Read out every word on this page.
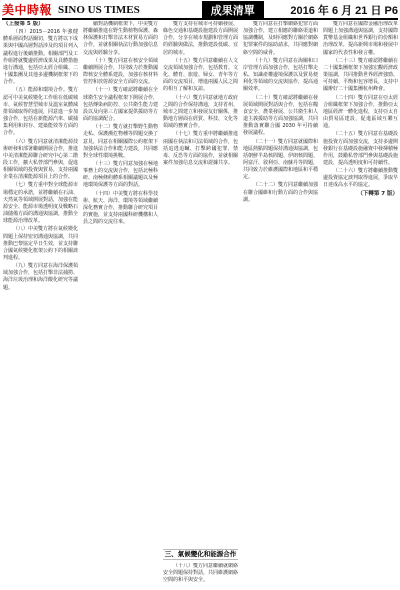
美中時報 SINO US TIMES	成果清單	2016 年 6 月 21 日 P6
（上接第 5 版）

（四）2015－2016 年強健體系層面對話關切，雙方將以下成果與中國高層對話涉及的項目列入議程進行後續推動。相關部門及工作組將就雙邊經濟成果及具體措施進行溝通，包括亞太經合組織、二十國集團及其他多邊機制框架下的合作。

（五）能源和環境合作。雙方認可中美氣候變化工作組在低碳城市、氣候智慧型城市及溫室氣體減排領域取得的進展，同意進一步加強合作，包括在新能源汽車、碳捕集利用和封存、建築能效等方面的合作。

（六）雙方同意就清潔能源技術研發和部署繼續開展合作，推進中美清潔能源聯合研究中心第二階段工作，擴大私營部門參與，促進相關領域的投資與貿易，支持兩國企業在清潔能源項目上的合作。

（七）雙方重申對全球能源市場穩定的承諾，並將繼續在石油、天然氣等領域開展對話，加強在能源安全、能源市場透明度及戰略石油儲備方面的溝通與協調，推動全球能源治理改革。

（八）中美雙方將在氣候變化問題上保持密切溝通與協調，共同推動巴黎協定早日生效，並支持聯合國氣候變化框架公約下的相關談判進程。

（九）雙方同意在海洋保護領域加強合作，包括打擊非法捕撈、海洋垃圾治理和海洋酸化研究等議題。

續對話機制框架下，中美雙方將繼續推進在野生動植物保護、森林保護和打擊非法木材貿易方面的合作，並就相關執法行動加強信息交流與經驗分享。

（十）雙方同意在核安全領域繼續開展合作，共同致力於推動國際核安全體系建設，加強在核材料管控和放射源安全方面的交流。

（十一）雙方確認將繼續在全球衛生安全議程框架下開展合作，包括傳染病防控、公共衛生能力建設以及向第三方國家提供援助等方面的協調配合。

（十二）雙方就打擊野生動物走私、保護瀕危物種等問題交換了意見，同意在相關國際公約框架下加強執法合作和能力建設，共同應對全球性環境挑戰。

（十三）雙方同意加強在極地事務上的交流與合作，包括北極科研、南極條約體系相關議題以及極地環境保護等方面的對話。

（十四）中美雙方將在科學技術、航天、海洋、環境等領域繼續深化務實合作，推動聯合研究項目的實施，並支持兩國科研機構和人員之間的交流往來。

雙方支持在城市可持續發展、綠色交通和基礎設施建設方面開展合作，分享在城市規劃和管理方面的經驗與做法，推動建設低碳、宜居的城市。

（十五）雙方同意繼續在人文交流領域加強合作，包括教育、文化、體育、旅遊、婦女、青年等方面的交流項目，增進兩國人民之間的相互了解和友誼。

（十六）雙方同意就地方政府之間的合作保持溝通，支持省州、城市之間建立和發展友好關係，推動地方層面在經貿、科技、文化等領域的務實合作。

（十七）雙方重申將繼續推進兩國在執法和司法領域的合作，包括追逃追贓、打擊跨國犯罪、禁毒、反恐等方面的協作，並就相關案件加強信息交流和證據共享。

三、氣候變化和能源合作

（十八）雙方同意繼續就網絡安全問題保持對話，共同維護網絡空間的和平與安全。

雙方同意在打擊網絡犯罪方面加強合作，建立相應的聯絡渠道和協調機制，及時回應對方關於網絡犯罪案件的協助請求，共同應對網絡空間的威脅。

（十九）雙方同意在海關和口岸管理方面加強合作，包括打擊走私、知識產權邊境保護以及貿易便利化等領域的交流與協作，提高通關效率。

（二十）雙方確認將繼續在發展領域開展對話與合作，包括在糧食安全、農業發展、公共衛生和人道主義援助等方面加強協調，共同推動落實聯合國 2030 年可持續發展議程。

（二十一）雙方同意就國際和地區熱點問題保持溝通與協調，包括朝鮮半島核問題、伊朗核問題、阿富汗、敘利亞、南蘇丹等問題，共同致力於維護國際和地區和平穩定。

（二十二）雙方同意繼續加強在聯合國維和行動方面的合作與協調。

雙方同意在國際金融治理改革問題上加強溝通與協調，支持國際貨幣基金組織和世界銀行的份額和治理改革，提高新興市場和發展中國家的代表性和發言權。

（二十三）雙方確認將繼續在二十國集團框架下加強宏觀經濟政策協調，共同推動世界經濟強勁、可持續、平衡和包容增長，支持中國辦好二十國集團杭州峰會。

（二十四）雙方同意在亞太經合組織框架下加強合作，推動亞太地區經濟一體化進程，支持亞太自由貿易區建設，促進區域互聯互通。

（二十五）雙方同意在基礎設施投資方面加強交流，支持多邊開發銀行在基礎設施融資中發揮積極作用，鼓勵私營部門參與基礎設施建設，提高透明度和可持續性。

（二十六）雙方將繼續推動雙邊投資協定談判取得進展，爭取早日達成高水平的協定。

（下轉第 7 版）
